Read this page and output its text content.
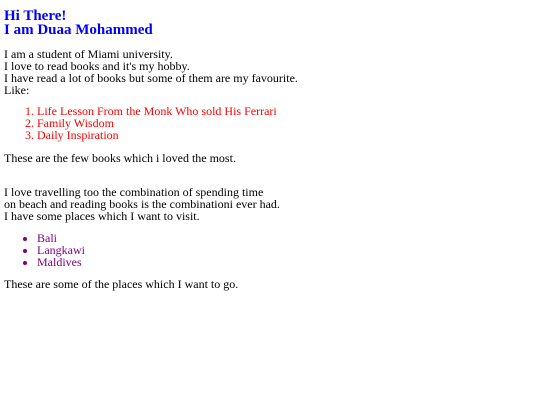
Hi There!
I am Duaa Mohammed
I am a student of Miami university.
I love to read books and it's my hobby.
I have read a lot of books but some of them are my favourite.
Like:
1. Life Lesson From the Monk Who sold His Ferrari
2. Family Wisdom
3. Daily Inspiration
These are the few books which i loved the most.
I love travelling too the combination of spending time
on beach and reading books is the combinationi ever had.
I have some places which I want to visit.
• Bali
• Langkawi
• Maldives
These are some of the places which I want to go.
